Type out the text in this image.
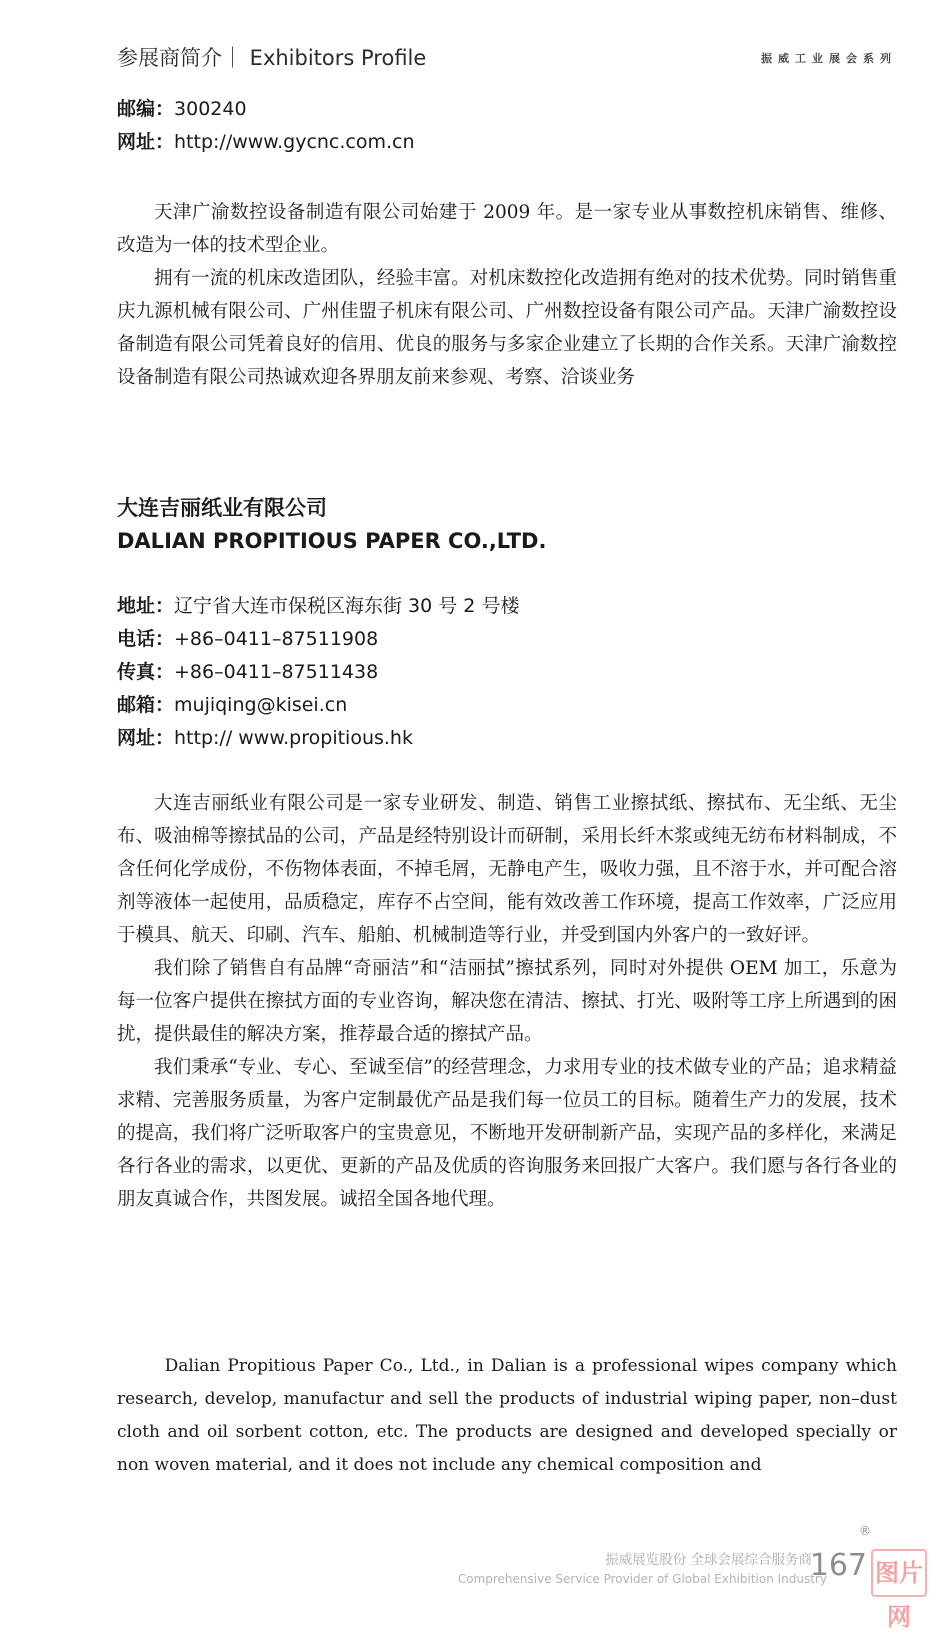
参展商简介｜ Exhibitors Profile	振威工业展会系列
邮编：300240
网址：http://www.gycnc.com.cn

天津广渝数控设备制造有限公司始建于 2009 年。是一家专业从事数控机床销售、维修、改造为一体的技术型企业。

拥有一流的机床改造团队，经验丰富。对机床数控化改造拥有绝对的技术优势。同时销售重庆九源机械有限公司、广州佳盟子机床有限公司、广州数控设备有限公司产品。天津广渝数控设备制造有限公司凭着良好的信用、优良的服务与多家企业建立了长期的合作关系。天津广渝数控设备制造有限公司热诚欢迎各界朋友前来参观、考察、洽谈业务

大连吉丽纸业有限公司
DALIAN PROPITIOUS PAPER CO.,LTD.
地址：辽宁省大连市保税区海东街 30 号 2 号楼
电话：+86–0411–87511908
传真：+86–0411–87511438
邮箱：mujiqing@kisei.cn
网址：http:// www.propitious.hk

大连吉丽纸业有限公司是一家专业研发、制造、销售工业擦拭纸、擦拭布、无尘纸、无尘布、吸油棉等擦拭品的公司，产品是经特别设计而研制，采用长纤木浆或纯无纺布材料制成，不含任何化学成份，不伤物体表面，不掉毛屑，无静电产生，吸收力强，且不溶于水，并可配合溶剂等液体一起使用，品质稳定，库存不占空间，能有效改善工作环境，提高工作效率，广泛应用于模具、航天、印刷、汽车、船舶、机械制造等行业，并受到国内外客户的一致好评。

我们除了销售自有品牌“奇丽洁”和“洁丽拭”擦拭系列，同时对外提供 OEM 加工，乐意为每一位客户提供在擦拭方面的专业咨询，解决您在清洁、擦拭、打光、吸附等工序上所遇到的困扰，提供最佳的解决方案，推荐最合适的擦拭产品。

我们秉承“专业、专心、至诚至信”的经营理念，力求用专业的技术做专业的产品；追求精益求精、完善服务质量，为客户定制最优产品是我们每一位员工的目标。随着生产力的发展，技术的提高，我们将广泛听取客户的宝贵意见，不断地开发研制新产品，实现产品的多样化，来满足各行各业的需求，以更优、更新的产品及优质的咨询服务来回报广大客户。我们愿与各行各业的朋友真诚合作，共图发展。诚招全国各地代理。

Dalian Propitious Paper Co., Ltd., in Dalian is a professional wipes company which research, develop, manufactur and sell the products of industrial wiping paper, non–dust cloth and oil sorbent cotton, etc. The products are designed and developed specially or non woven material, and it does not include any chemical composition and

振威展览股份 全球会展综合服务商
Comprehensive Service Provider of Global Exhibition Industry
®
167 图片网
